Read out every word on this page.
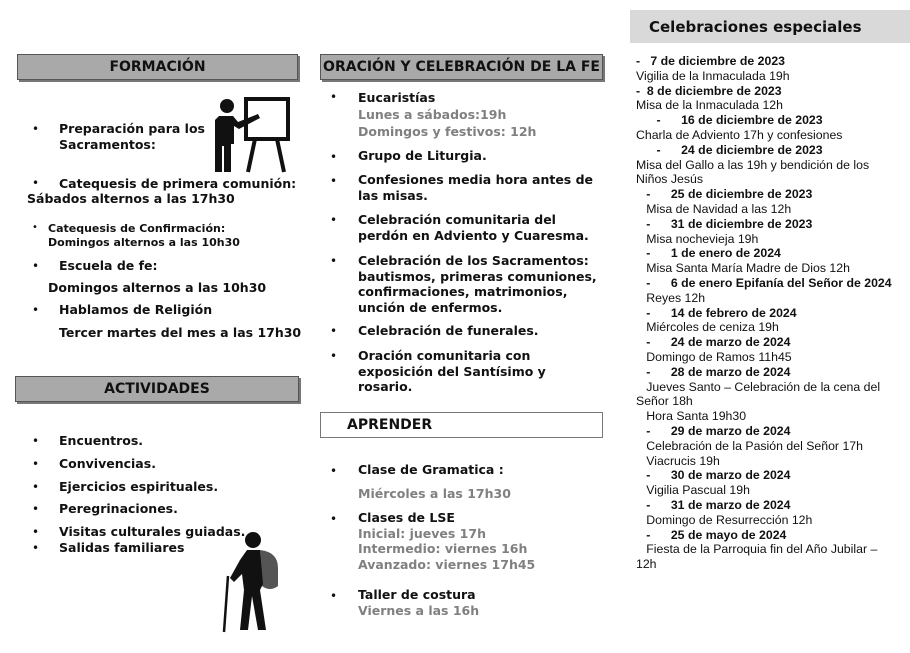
FORMACIÓN
• Preparación para los
Sacramentos:
• Catequesis de primera comunión:
Sábados alternos a las 17h30
• Catequesis de Confirmación:
Domingos alternos a las 10h30
• Escuela de fe:
Domingos alternos a las 10h30
• Hablamos de Religión
Tercer martes del mes a las 17h30
ACTIVIDADES
• Encuentros.
• Convivencias.
• Ejercicios espirituales.
• Peregrinaciones.
• Visitas culturales guiadas.
• Salidas familiares
ORACIÓN Y CELEBRACIÓN DE LA FE
• Eucaristías
Lunes a sábados:19h
Domingos y festivos: 12h
• Grupo de Liturgia.
• Confesiones media hora antes de
las misas.
• Celebración comunitaria del
perdón en Adviento y Cuaresma.
• Celebración de los Sacramentos:
bautismos, primeras comuniones,
confirmaciones, matrimonios,
unción de enfermos.
• Celebración de funerales.
• Oración comunitaria con
exposición del Santísimo y
rosario.
APRENDER
• Clase de Gramatica :
Miércoles a las 17h30
• Clases de LSE
Inicial: jueves 17h
Intermedio: viernes 16h
Avanzado: viernes 17h45
• Taller de costura
Viernes a las 16h
Celebraciones especiales
-   7 de diciembre de 2023
Vigilia de la Inmaculada 19h
-  8 de diciembre de 2023
Misa de la Inmaculada 12h
-      16 de diciembre de 2023
Charla de Adviento 17h y confesiones
-      24 de diciembre de 2023
Misa del Gallo a las 19h y bendición de los
Niños Jesús
-      25 de diciembre de 2023
Misa de Navidad a las 12h
-      31 de diciembre de 2023
Misa nochevieja 19h
-      1 de enero de 2024
Misa Santa María Madre de Dios 12h
-      6 de enero Epifanía del Señor de 2024
Reyes 12h
-      14 de febrero de 2024
Miércoles de ceniza 19h
-      24 de marzo de 2024
Domingo de Ramos 11h45
-      28 de marzo de 2024
Jueves Santo – Celebración de la cena del
Señor 18h
Hora Santa 19h30
-      29 de marzo de 2024
Celebración de la Pasión del Señor 17h
Viacrucis 19h
-      30 de marzo de 2024
Vigilia Pascual 19h
-      31 de marzo de 2024
Domingo de Resurrección 12h
-      25 de mayo de 2024
Fiesta de la Parroquia fin del Año Jubilar –
12h
